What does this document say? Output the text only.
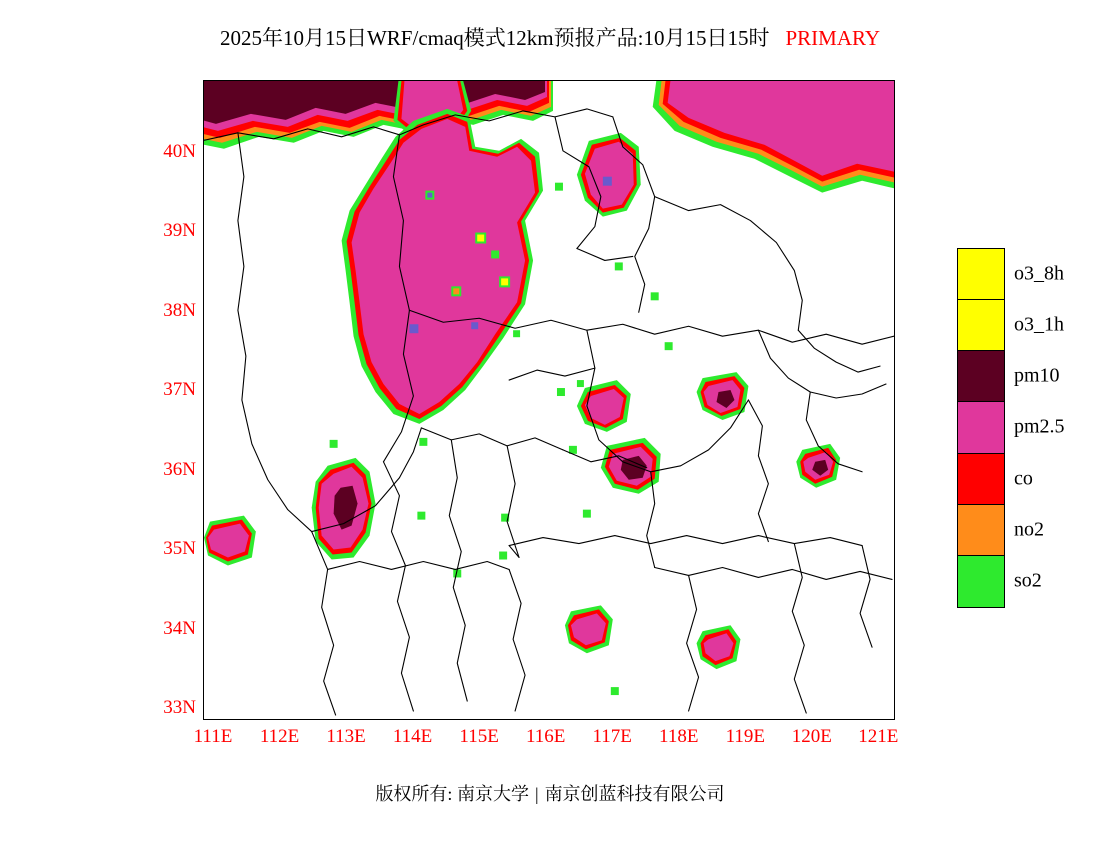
2025年10月15日WRF/cmaq模式12km预报产品:10月15日15时 PRIMARY
40N
39N
38N
37N
36N
35N
34N
33N
111E 112E 113E 114E 115E 116E 117E 118E 119E 120E 121E
o3_8h
o3_1h
pm10
pm2.5
co
no2
so2
版权所有: 南京大学 | 南京创蓝科技有限公司
